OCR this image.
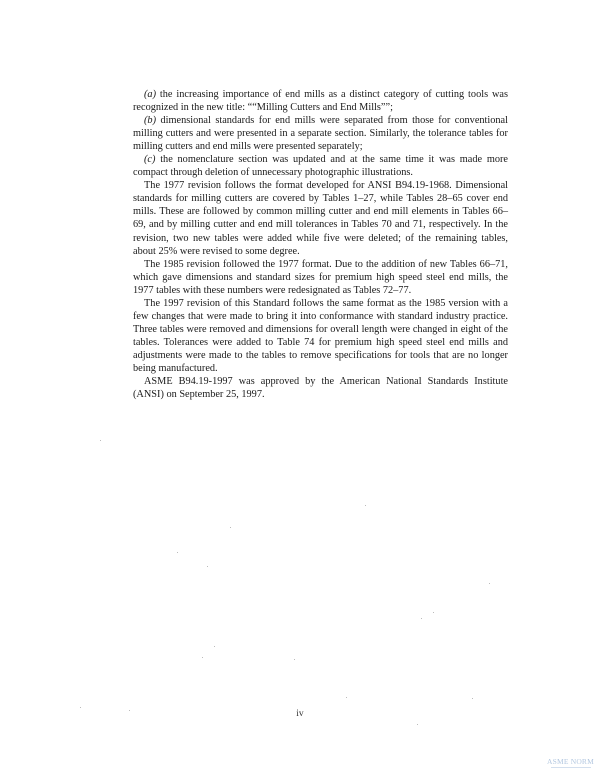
(a) the increasing importance of end mills as a distinct category of cutting tools was recognized in the new title: ““Milling Cutters and End Mills””;

(b) dimensional standards for end mills were separated from those for conventional milling cutters and were presented in a separate section. Similarly, the tolerance tables for milling cutters and end mills were presented separately;

(c) the nomenclature section was updated and at the same time it was made more compact through deletion of unnecessary photographic illustrations.

The 1977 revision follows the format developed for ANSI B94.19-1968. Dimensional standards for milling cutters are covered by Tables 1–27, while Tables 28–65 cover end mills. These are followed by common milling cutter and end mill elements in Tables 66–69, and by milling cutter and end mill tolerances in Tables 70 and 71, respectively. In the revision, two new tables were added while five were deleted; of the remaining tables, about 25% were revised to some degree.

The 1985 revision followed the 1977 format. Due to the addition of new Tables 66–71, which gave dimensions and standard sizes for premium high speed steel end mills, the 1977 tables with these numbers were redesignated as Tables 72–77.

The 1997 revision of this Standard follows the same format as the 1985 version with a few changes that were made to bring it into conformance with standard industry practice. Three tables were removed and dimensions for overall length were changed in eight of the tables. Tolerances were added to Table 74 for premium high speed steel end mills and adjustments were made to the tables to remove specifications for tools that are no longer being manufactured.

ASME B94.19-1997 was approved by the American National Standards Institute (ANSI) on September 25, 1997.

iv
ASME NORM
